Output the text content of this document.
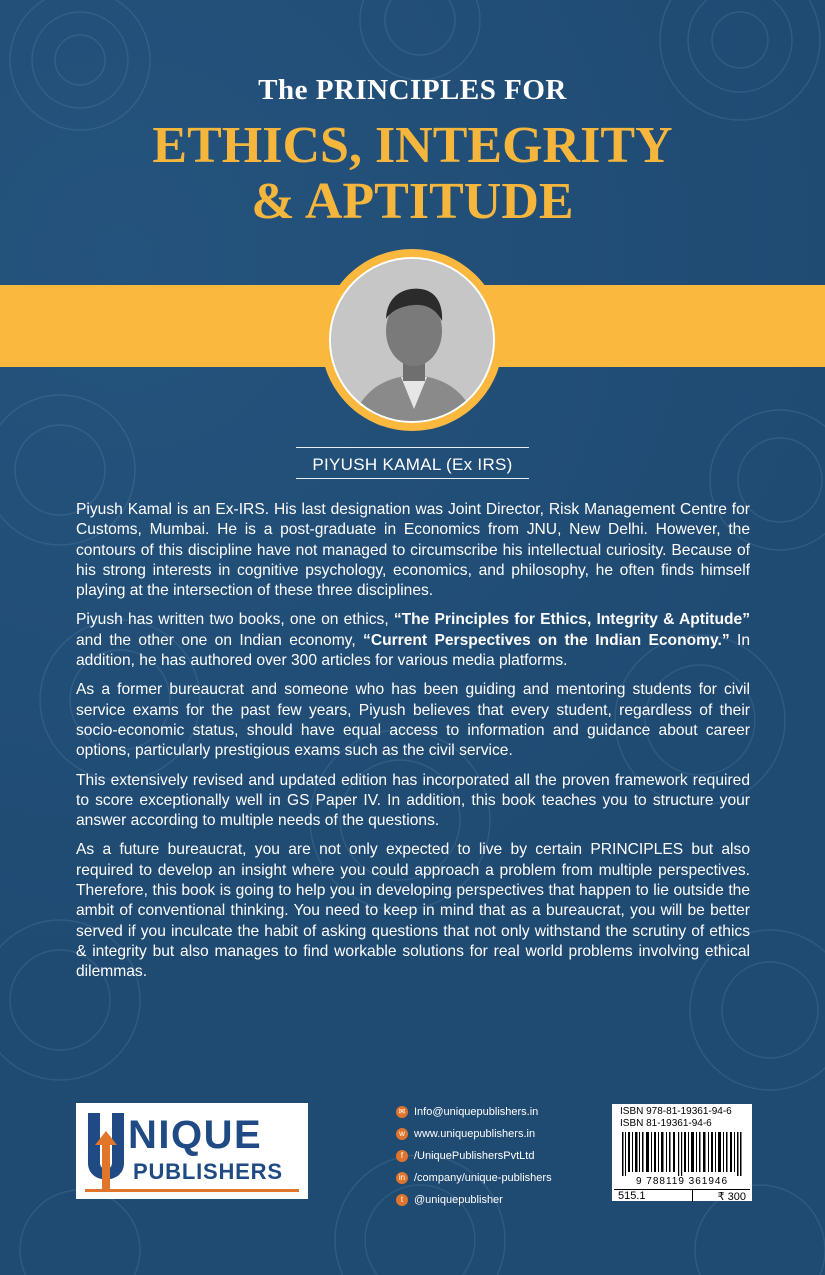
The PRINCIPLES FOR
ETHICS, INTEGRITY
& APTITUDE
PIYUSH KAMAL (Ex IRS)

Piyush Kamal is an Ex-IRS. His last designation was Joint Director, Risk Management Centre for Customs, Mumbai. He is a post-graduate in Economics from JNU, New Delhi. However, the contours of this discipline have not managed to circumscribe his intellectual curiosity. Because of his strong interests in cognitive psychology, economics, and philosophy, he often finds himself playing at the intersection of these three disciplines.

Piyush has written two books, one on ethics, “The Principles for Ethics, Integrity & Aptitude” and the other one on Indian economy, “Current Perspectives on the Indian Economy.” In addition, he has authored over 300 articles for various media platforms.

As a former bureaucrat and someone who has been guiding and mentoring students for civil service exams for the past few years, Piyush believes that every student, regardless of their socio-economic status, should have equal access to information and guidance about career options, particularly prestigious exams such as the civil service.

This extensively revised and updated edition has incorporated all the proven framework required to score exceptionally well in GS Paper IV. In addition, this book teaches you to structure your answer according to multiple needs of the questions.

As a future bureaucrat, you are not only expected to live by certain PRINCIPLES but also required to develop an insight where you could approach a problem from multiple perspectives. Therefore, this book is going to help you in developing perspectives that happen to lie outside the ambit of conventional thinking. You need to keep in mind that as a bureaucrat, you will be better served if you inculcate the habit of asking questions that not only withstand the scrutiny of ethics & integrity but also manages to find workable solutions for real world problems involving ethical dilemmas.

NIQUE
PUBLISHERS
✉ Info@uniquepublishers.in
w www.uniquepublishers.in
f /UniquePublishersPvtLtd
in /company/unique-publishers
t @uniquepublisher
ISBN 978-81-19361-94-6
ISBN 81-19361-94-6
9 788119 361946
515.1	₹ 300
